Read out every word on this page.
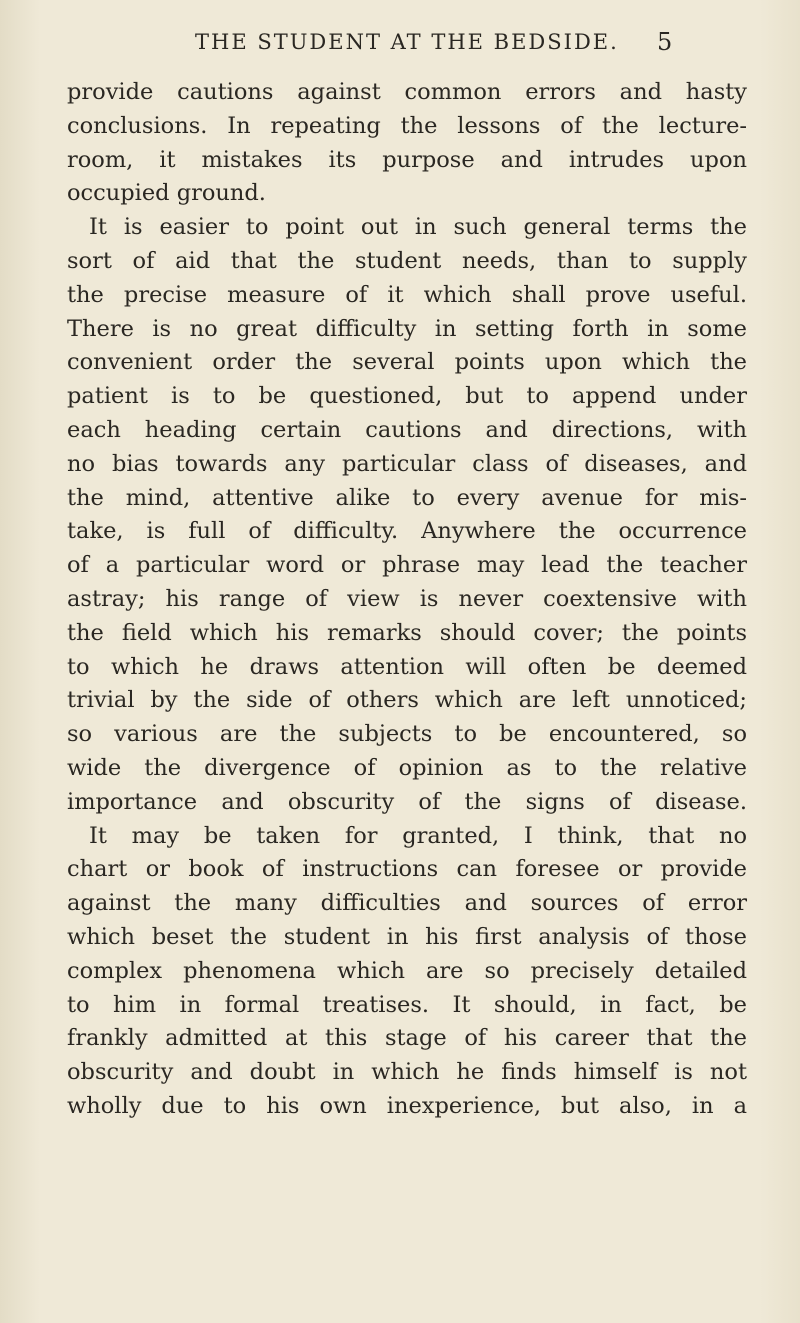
THE STUDENT AT THE BEDSIDE.	5
provide cautions against common errors and hasty
conclusions. In repeating the lessons of the lecture-
room, it mistakes its purpose and intrudes upon
occupied ground.
It is easier to point out in such general terms the
sort of aid that the student needs, than to supply
the precise measure of it which shall prove useful.
There is no great difficulty in setting forth in some
convenient order the several points upon which the
patient is to be questioned, but to append under
each heading certain cautions and directions, with
no bias towards any particular class of diseases, and
the mind, attentive alike to every avenue for mis-
take, is full of difficulty. Anywhere the occurrence
of a particular word or phrase may lead the teacher
astray; his range of view is never coextensive with
the field which his remarks should cover; the points
to which he draws attention will often be deemed
trivial by the side of others which are left unnoticed;
so various are the subjects to be encountered, so
wide the divergence of opinion as to the relative
importance and obscurity of the signs of disease.
It may be taken for granted, I think, that no
chart or book of instructions can foresee or provide
against the many difficulties and sources of error
which beset the student in his first analysis of those
complex phenomena which are so precisely detailed
to him in formal treatises. It should, in fact, be
frankly admitted at this stage of his career that the
obscurity and doubt in which he finds himself is not
wholly due to his own inexperience, but also, in a
